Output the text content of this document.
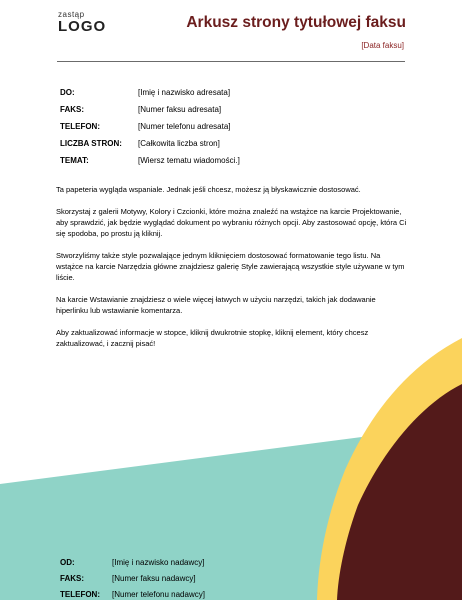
zastąp
LOGO	Arkusz strony tytułowej faksu
[Data faksu]
DO:	[Imię i nazwisko adresata]
FAKS:	[Numer faksu adresata]
TELEFON:	[Numer telefonu adresata]
LICZBA STRON:	[Całkowita liczba stron]
TEMAT:	[Wiersz tematu wiadomości.]

Ta papeteria wygląda wspaniale. Jednak jeśli chcesz, możesz ją błyskawicznie dostosować.

Skorzystaj z galerii Motywy, Kolory i Czcionki, które można znaleźć na wstążce na karcie Projektowanie, aby sprawdzić, jak będzie wyglądać dokument po wybraniu różnych opcji. Aby zastosować opcję, która Ci się spodoba, po prostu ją kliknij.

Stworzyliśmy także style pozwalające jednym kliknięciem dostosować formatowanie tego listu. Na wstążce na karcie Narzędzia główne znajdziesz galerię Style zawierającą wszystkie style używane w tym liście.

Na karcie Wstawianie znajdziesz o wiele więcej łatwych w użyciu narzędzi, takich jak dodawanie hiperlinku lub wstawianie komentarza.

Aby zaktualizować informacje w stopce, kliknij dwukrotnie stopkę, kliknij element, który chcesz zaktualizować, i zacznij pisać!

OD:	[Imię i nazwisko nadawcy]
FAKS:	[Numer faksu nadawcy]
TELEFON:	[Numer telefonu nadawcy]
